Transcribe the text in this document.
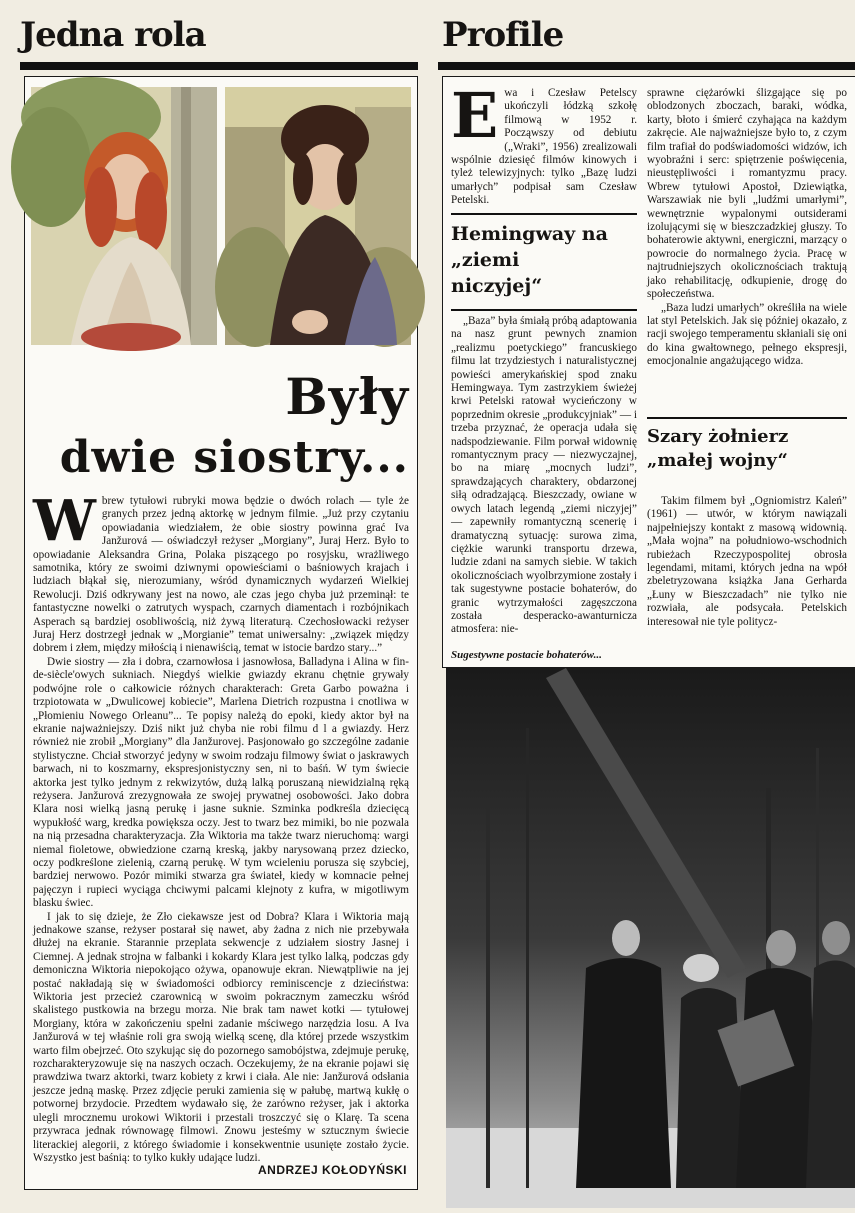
Jedna rola
Były
dwie siostry...
W brew tytułowi rubryki mowa będzie o dwóch rolach — tyle że granych przez jedną aktorkę w jednym filmie. „Już przy czytaniu opowiadania wiedziałem, że obie siostry powinna grać Iva Janžurová — oświadczył reżyser „Morgiany”, Juraj Herz. Było to opowiadanie Aleksandra Grina, Polaka piszącego po rosyjsku, wrażliwego samotnika, który ze swoimi dziwnymi opowieściami o baśniowych krajach i ludziach błąkał się, nierozumiany, wśród dynamicznych wydarzeń Wielkiej Rewolucji. Dziś odkrywany jest na nowo, ale czas jego chyba już przeminął: te fantastyczne nowelki o zatrutych wyspach, czarnych diamentach i rozbójnikach Asperach są bardziej osobliwością, niż żywą literaturą. Czechosłowacki reżyser Juraj Herz dostrzegł jednak w „Morgianie” temat uniwersalny: „związek między dobrem i złem, między miłością i nienawiścią, temat w istocie bardzo stary...”

Dwie siostry — zła i dobra, czarnowłosa i jasnowłosa, Balladyna i Alina w fin-de-siècle'owych sukniach. Niegdyś wielkie gwiazdy ekranu chętnie grywały podwójne role o całkowicie różnych charakterach: Greta Garbo poważna i trzpiotowata w „Dwulicowej kobiecie”, Marlena Dietrich rozpustna i cnotliwa w „Płomieniu Nowego Orleanu”... Te popisy należą do epoki, kiedy aktor był na ekranie najważniejszy. Dziś nikt już chyba nie robi filmu d l a gwiazdy. Herz również nie zrobił „Morgiany” dla Janžurovej. Pasjonowało go szczególne zadanie stylistyczne. Chciał stworzyć jedyny w swoim rodzaju filmowy świat o jaskrawych barwach, ni to koszmarny, ekspresjonistyczny sen, ni to baśń. W tym świecie aktorka jest tylko jednym z rekwizytów, dużą lalką poruszaną niewidzialną ręką reżysera. Janžurová zrezygnowała ze swojej prywatnej osobowości. Jako dobra Klara nosi wielką jasną perukę i jasne suknie. Szminka podkreśla dziecięcą wypukłość warg, kredka powiększa oczy. Jest to twarz bez mimiki, bo nie pozwala na nią przesadna charakteryzacja. Zła Wiktoria ma także twarz nieruchomą: wargi niemal fioletowe, obwiedzione czarną kreską, jakby narysowaną przez dziecko, oczy podkreślone zielenią, czarną perukę. W tym wcieleniu porusza się szybciej, bardziej nerwowo. Pozór mimiki stwarza gra świateł, kiedy w komnacie pełnej pajęczyn i rupieci wyciąga chciwymi palcami klejnoty z kufra, w migotliwym blasku świec.

I jak to się dzieje, że Zło ciekawsze jest od Dobra? Klara i Wiktoria mają jednakowe szanse, reżyser postarał się nawet, aby żadna z nich nie przebywała dłużej na ekranie. Starannie przeplata sekwencje z udziałem siostry Jasnej i Ciemnej. A jednak strojna w falbanki i kokardy Klara jest tylko lalką, podczas gdy demoniczna Wiktoria niepokojąco ożywa, opanowuje ekran. Niewątpliwie na jej postać nakładają się w świadomości odbiorcy reminiscencje z dzieciństwa: Wiktoria jest przecież czarownicą w swoim pokracznym zameczku wśród skalistego pustkowia na brzegu morza. Nie brak tam nawet kotki — tytułowej Morgiany, która w zakończeniu spełni zadanie mściwego narzędzia losu. A Iva Janžurová w tej właśnie roli gra swoją wielką scenę, dla której przede wszystkim warto film obejrzeć. Oto szykując się do pozornego samobójstwa, zdejmuje perukę, rozcharakteryzowuje się na naszych oczach. Oczekujemy, że na ekranie pojawi się prawdziwa twarz aktorki, twarz kobiety z krwi i ciała. Ale nie: Janžurová odsłania jeszcze jedną maskę. Przez zdjęcie peruki zamienia się w pałubę, martwą kukłę o potwornej brzydocie. Przedtem wydawało się, że zarówno reżyser, jak i aktorka ulegli mrocznemu urokowi Wiktorii i przestali troszczyć się o Klarę. Ta scena przywraca jednak równowagę filmowi. Znowu jesteśmy w sztucznym świecie literackiej alegorii, z którego świadomie i konsekwentnie usunięte zostało życie. Wszystko jest baśnią: to tylko kukły udające ludzi.

ANDRZEJ KOŁODYŃSKI
Profile
E wa i Czesław Petelscy ukończyli łódzką szkołę filmową w 1952 r. Począwszy od debiutu („Wraki”, 1956) zrealizowali wspólnie dziesięć filmów kinowych i tyleż telewizyjnych: tylko „Bazę ludzi umarłych” podpisał sam Czesław Petelski.
Hemingway na „ziemi niczyjej“

„Baza” była śmiałą próbą adaptowania na nasz grunt pewnych znamion „realizmu poetyckiego” francuskiego filmu lat trzydziestych i naturalistycznej powieści amerykańskiej spod znaku Hemingwaya. Tym zastrzykiem świeżej krwi Petelski ratował wycieńczony w poprzednim okresie „produkcyjniak” — i trzeba przyznać, że operacja udała się nadspodziewanie. Film porwał widownię romantycznym pracy — niezwyczajnej, bo na miarę „mocnych ludzi”, sprawdzających charaktery, obdarzonej siłą odradzającą. Bieszczady, owiane w owych latach legendą „ziemi niczyjej” — zapewniły romantyczną scenerię i dramatyczną sytuację: surowa zima, ciężkie warunki transportu drzewa, ludzie zdani na samych siebie. W takich okolicznościach wyolbrzymione zostały i tak sugestywne postacie bohaterów, do granic wytrzymałości zagęszczona została desperacko-awanturnicza atmosfera: nie-

sprawne ciężarówki ślizgające się po oblodzonych zboczach, baraki, wódka, karty, błoto i śmierć czyhająca na każdym zakręcie. Ale najważniejsze było to, z czym film trafiał do podświadomości widzów, ich wyobraźni i serc: spiętrzenie poświęcenia, nieustępliwości i romantyzmu pracy. Wbrew tytułowi Apostoł, Dziewiątka, Warszawiak nie byli „ludźmi umarłymi”, wewnętrznie wypalonymi outsiderami izolującymi się w bieszczadzkiej głuszy. To bohaterowie aktywni, energiczni, marzący o powrocie do normalnego życia. Pracę w najtrudniejszych okolicznościach traktują jako rehabilitację, odkupienie, drogę do społeczeństwa.

„Baza ludzi umarłych” określiła na wiele lat styl Petelskich. Jak się później okazało, z racji swojego temperamentu skłaniali się oni do kina gwałtownego, pełnego ekspresji, emocjonalnie angażującego widza.

Szary żołnierz „małej wojny“

Takim filmem był „Ogniomistrz Kaleń” (1961) — utwór, w którym nawiązali najpełniejszy kontakt z masową widownią. „Mała wojna” na południowo-wschodnich rubieżach Rzeczypospolitej obrosła legendami, mitami, których jedna na wpół zbeletryzowana książka Jana Gerharda „Łuny w Bieszczadach” nie tylko nie rozwiała, ale podsycała. Petelskich interesował nie tyle politycz-

Sugestywne postacie bohaterów...
